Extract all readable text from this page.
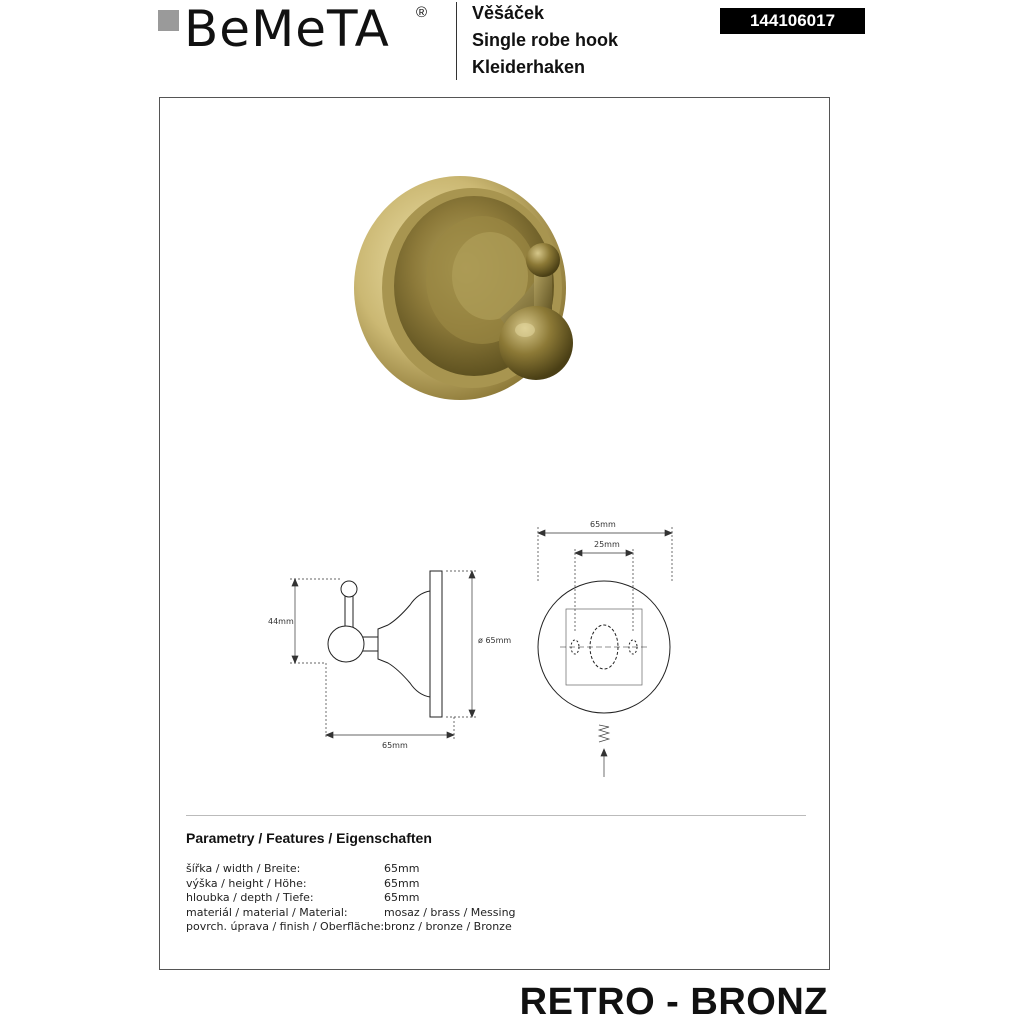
BeMeTA ® Věšáček
Single robe hook
Kleiderhaken
144106017
44mm
ø 65mm
65mm
65mm
25mm
Parametry / Features / Eigenschaften
šířka / width / Breite:	65mm
výška / height / Höhe:	65mm
hloubka / depth / Tiefe:	65mm
materiál / material / Material:	mosaz / brass / Messing
povrch. úprava / finish / Oberfläche: bronz / bronze / Bronze
RETRO - BRONZ
